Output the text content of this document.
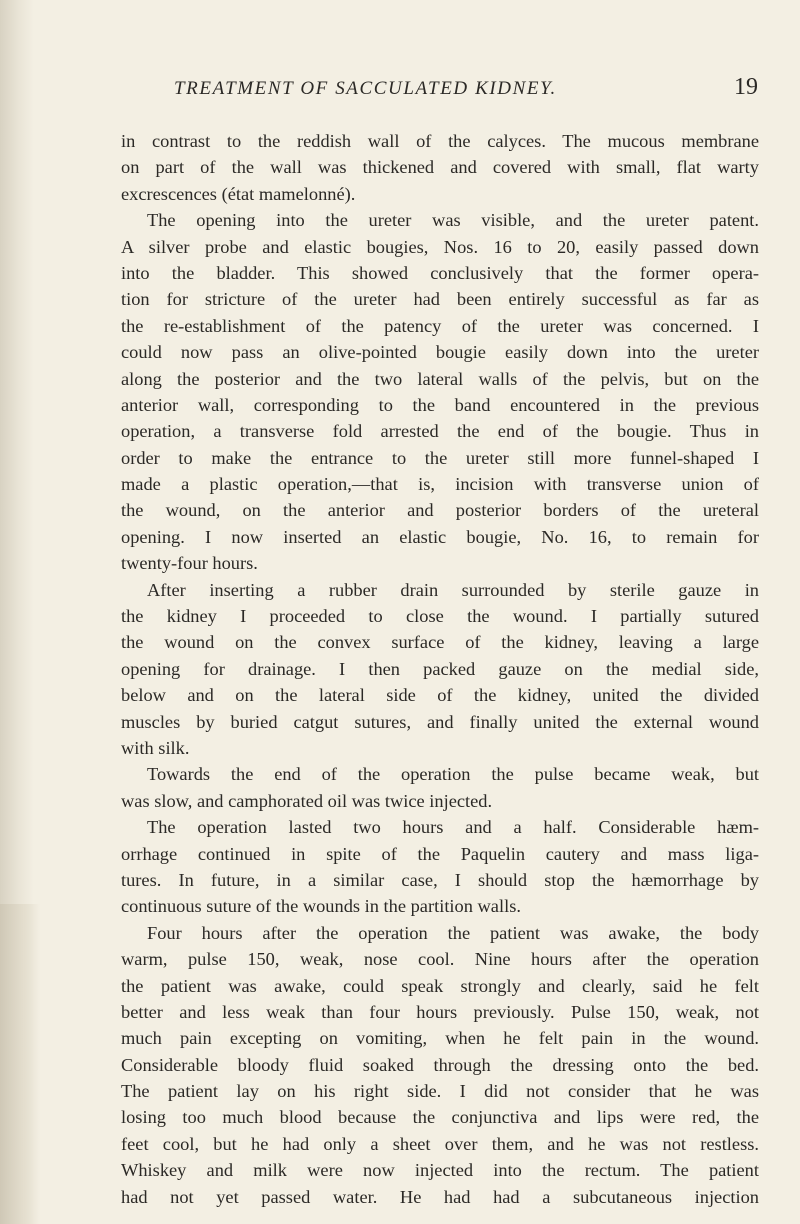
TREATMENT OF SACCULATED KIDNEY.	19
in contrast to the reddish wall of the calyces. The mucous membrane
on part of the wall was thickened and covered with small, flat warty
excrescences (état mamelonné).
The opening into the ureter was visible, and the ureter patent.
A silver probe and elastic bougies, Nos. 16 to 20, easily passed down
into the bladder. This showed conclusively that the former opera-
tion for stricture of the ureter had been entirely successful as far as
the re-establishment of the patency of the ureter was concerned. I
could now pass an olive-pointed bougie easily down into the ureter
along the posterior and the two lateral walls of the pelvis, but on the
anterior wall, corresponding to the band encountered in the previous
operation, a transverse fold arrested the end of the bougie. Thus in
order to make the entrance to the ureter still more funnel-shaped I
made a plastic operation,—that is, incision with transverse union of
the wound, on the anterior and posterior borders of the ureteral
opening. I now inserted an elastic bougie, No. 16, to remain for
twenty-four hours.
After inserting a rubber drain surrounded by sterile gauze in
the kidney I proceeded to close the wound. I partially sutured
the wound on the convex surface of the kidney, leaving a large
opening for drainage. I then packed gauze on the medial side,
below and on the lateral side of the kidney, united the divided
muscles by buried catgut sutures, and finally united the external wound
with silk.
Towards the end of the operation the pulse became weak, but
was slow, and camphorated oil was twice injected.
The operation lasted two hours and a half. Considerable hæm-
orrhage continued in spite of the Paquelin cautery and mass liga-
tures. In future, in a similar case, I should stop the hæmorrhage by
continuous suture of the wounds in the partition walls.
Four hours after the operation the patient was awake, the body
warm, pulse 150, weak, nose cool. Nine hours after the operation
the patient was awake, could speak strongly and clearly, said he felt
better and less weak than four hours previously. Pulse 150, weak, not
much pain excepting on vomiting, when he felt pain in the wound.
Considerable bloody fluid soaked through the dressing onto the bed.
The patient lay on his right side. I did not consider that he was
losing too much blood because the conjunctiva and lips were red, the
feet cool, but he had only a sheet over them, and he was not restless.
Whiskey and milk were now injected into the rectum. The patient
had not yet passed water. He had had a subcutaneous injection
